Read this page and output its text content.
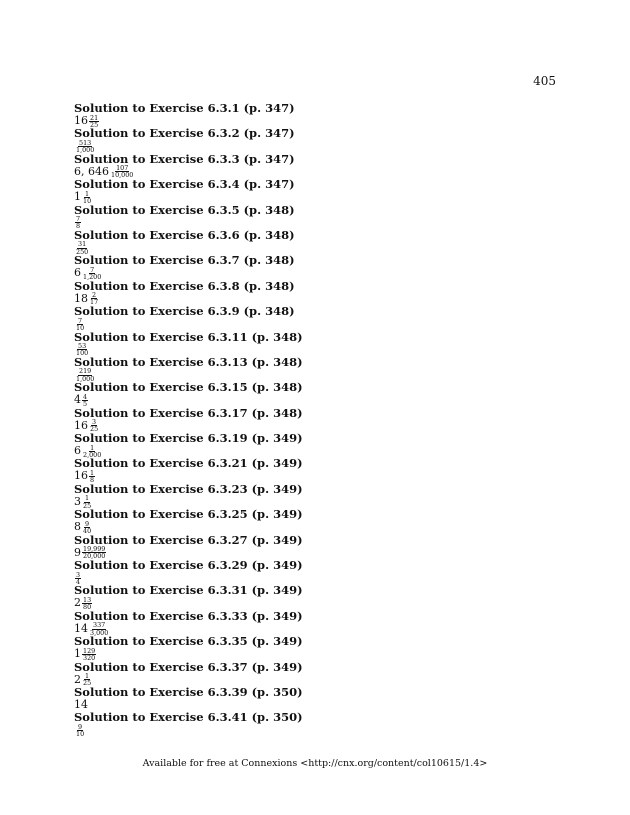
405
Solution to Exercise 6.3.1 (p. 347)
$16 \frac{21}{25}$
Solution to Exercise 6.3.2 (p. 347)
$\frac{513}{1,000}$
Solution to Exercise 6.3.3 (p. 347)
6, $646 \frac{107}{10,000}$
Solution to Exercise 6.3.4 (p. 347)
$1 \frac{1}{10}$
Solution to Exercise 6.3.5 (p. 348)
$\frac{7}{8}$
Solution to Exercise 6.3.6 (p. 348)
$\frac{31}{250}$
Solution to Exercise 6.3.7 (p. 348)
$6 \frac{7}{1,200}$
Solution to Exercise 6.3.8 (p. 348)
$18 \frac{2}{17}$
Solution to Exercise 6.3.9 (p. 348)
$\frac{7}{10}$
Solution to Exercise 6.3.11 (p. 348)
$\frac{53}{100}$
Solution to Exercise 6.3.13 (p. 348)
$\frac{219}{1,000}$
Solution to Exercise 6.3.15 (p. 348)
$4 \frac{4}{5}$
Solution to Exercise 6.3.17 (p. 348)
$16 \frac{3}{25}$
Solution to Exercise 6.3.19 (p. 349)
$6 \frac{1}{2,000}$
Solution to Exercise 6.3.21 (p. 349)
$16 \frac{1}{8}$
Solution to Exercise 6.3.23 (p. 349)
$3 \frac{1}{25}$
Solution to Exercise 6.3.25 (p. 349)
$8 \frac{9}{40}$
Solution to Exercise 6.3.27 (p. 349)
$9 \frac{19,999}{20,000}$
Solution to Exercise 6.3.29 (p. 349)
$\frac{3}{4}$
Solution to Exercise 6.3.31 (p. 349)
$2 \frac{13}{80}$
Solution to Exercise 6.3.33 (p. 349)
$14 \frac{337}{3,000}$
Solution to Exercise 6.3.35 (p. 349)
$1 \frac{129}{320}$
Solution to Exercise 6.3.37 (p. 349)
$2 \frac{1}{25}$
Solution to Exercise 6.3.39 (p. 350)
14
Solution to Exercise 6.3.41 (p. 350)
$\frac{9}{10}$
Available for free at Connexions <http://cnx.org/content/col10615/1.4>
